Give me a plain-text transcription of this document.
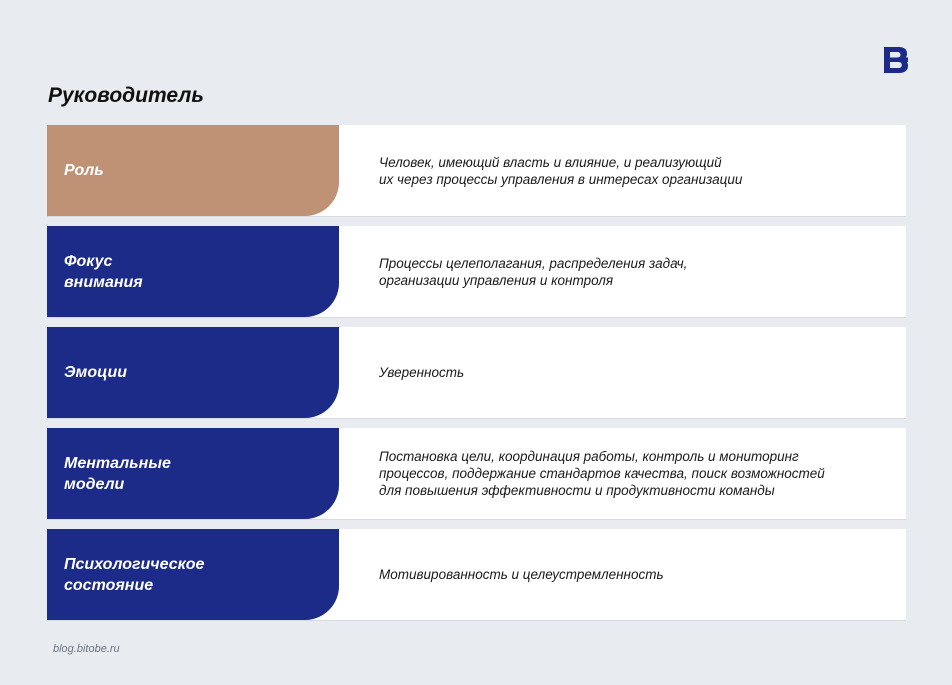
Руководитель
Роль	Человек, имеющий власть и влияние, и реализующий
их через процессы управления в интересах организации
Фокус
внимания
Процессы целеполагания, распределения задач,
организации управления и контроля
Эмоции	Уверенность
Ментальные
модели
Постановка цели, координация работы, контроль и мониторинг
процессов, поддержание стандартов качества, поиск возможностей
для повышения эффективности и продуктивности команды
Психологическое
состояние
Мотивированность и целеустремленность
blog.bitobe.ru
